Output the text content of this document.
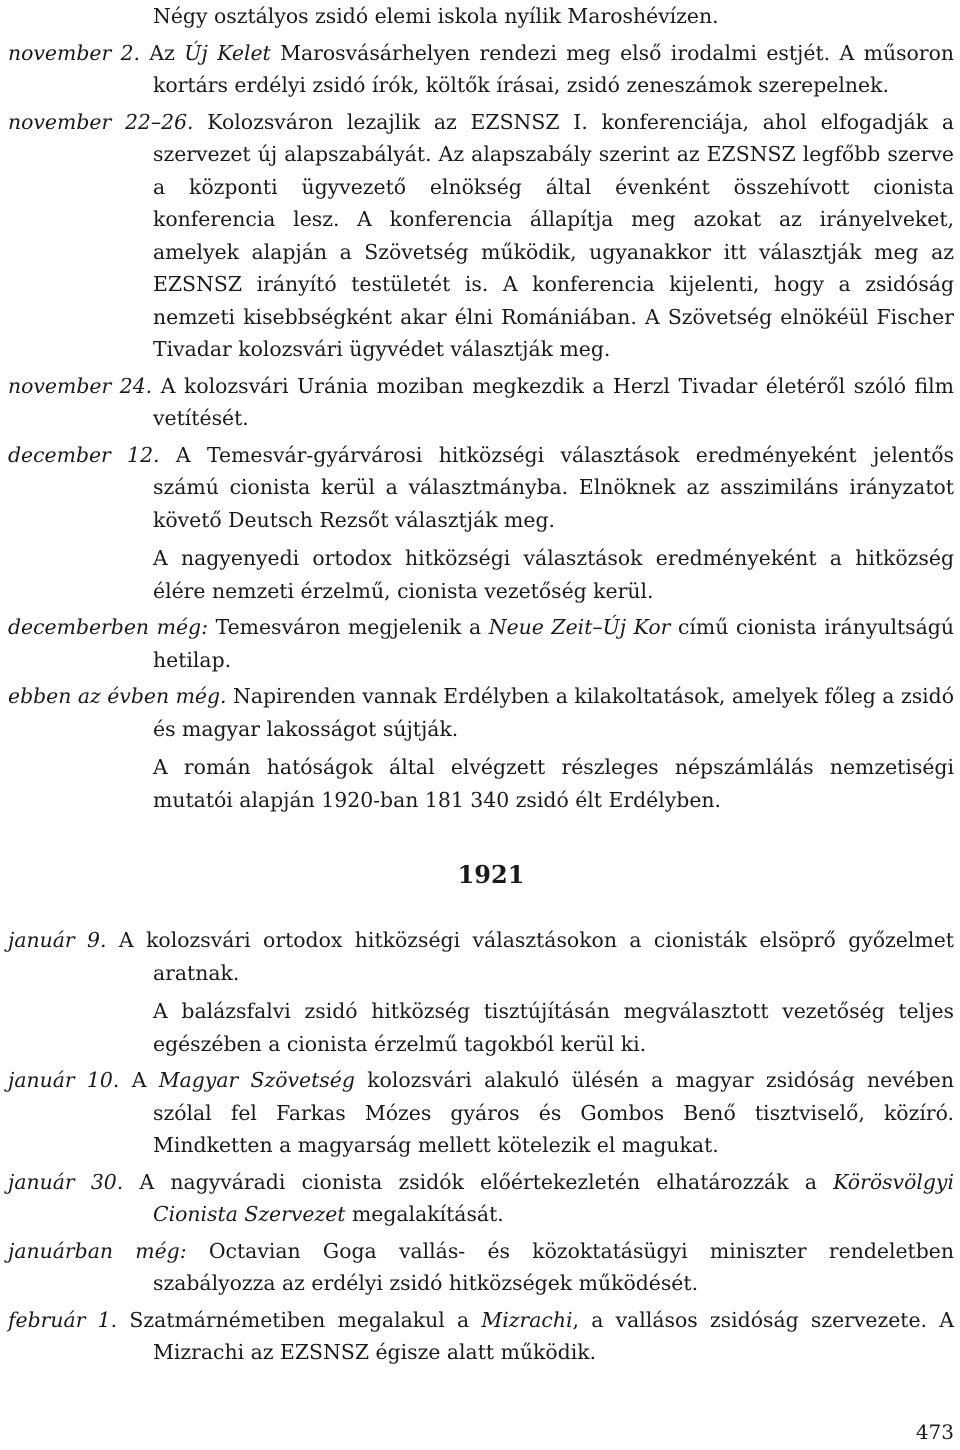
Négy osztályos zsidó elemi iskola nyílik Maroshévízen.
november 2. Az Új Kelet Marosvásárhelyen rendezi meg első irodalmi estjét. A műsoron kortárs erdélyi zsidó írók, költők írásai, zsidó zeneszámok szerepelnek.
november 22–26. Kolozsváron lezajlik az EZSNSZ I. konferenciája, ahol elfogadják a szervezet új alapszabályát. Az alapszabály szerint az EZSNSZ legfőbb szerve a központi ügyvezető elnökség által évenként összehívott cionista konferencia lesz. A konferencia állapítja meg azokat az irányelveket, amelyek alapján a Szövetség működik, ugyanakkor itt választják meg az EZSNSZ irányító testületét is. A konferencia kijelenti, hogy a zsidóság nemzeti kisebbségként akar élni Romániában. A Szövetség elnökéül Fischer Tivadar kolozsvári ügyvédet választják meg.
november 24. A kolozsvári Uránia moziban megkezdik a Herzl Tivadar életéről szóló film vetítését.
december 12. A Temesvár-gyárvárosi hitközségi választások eredményeként jelentős számú cionista kerül a választmányba. Elnöknek az asszimiláns irányzatot követő Deutsch Rezsőt választják meg.
A nagyenyedi ortodox hitközségi választások eredményeként a hitközség élére nemzeti érzelmű, cionista vezetőség kerül.
decemberben még: Temesváron megjelenik a Neue Zeit–Új Kor című cionista irányultságú hetilap.
ebben az évben még. Napirenden vannak Erdélyben a kilakoltatások, amelyek főleg a zsidó és magyar lakosságot sújtják.
A román hatóságok által elvégzett részleges népszámlálás nemzetiségi mutatói alapján 1920-ban 181 340 zsidó élt Erdélyben.
1921
január 9. A kolozsvári ortodox hitközségi választásokon a cionisták elsöprő győzelmet aratnak.
A balázsfalvi zsidó hitközség tisztújításán megválasztott vezetőség teljes egészében a cionista érzelmű tagokból kerül ki.
január 10. A Magyar Szövetség kolozsvári alakuló ülésén a magyar zsidóság nevében szólal fel Farkas Mózes gyáros és Gombos Benő tisztviselő, közíró. Mindketten a magyarság mellett kötelezik el magukat.
január 30. A nagyváradi cionista zsidók előértekezletén elhatározzák a Körösvölgyi Cionista Szervezet megalakítását.
januárban még: Octavian Goga vallás- és közoktatásügyi miniszter rendeletben szabályozza az erdélyi zsidó hitközségek működését.
február 1. Szatmárnémetiben megalakul a Mizrachi, a vallásos zsidóság szervezete. A Mizrachi az EZSNSZ égisze alatt működik.
473
